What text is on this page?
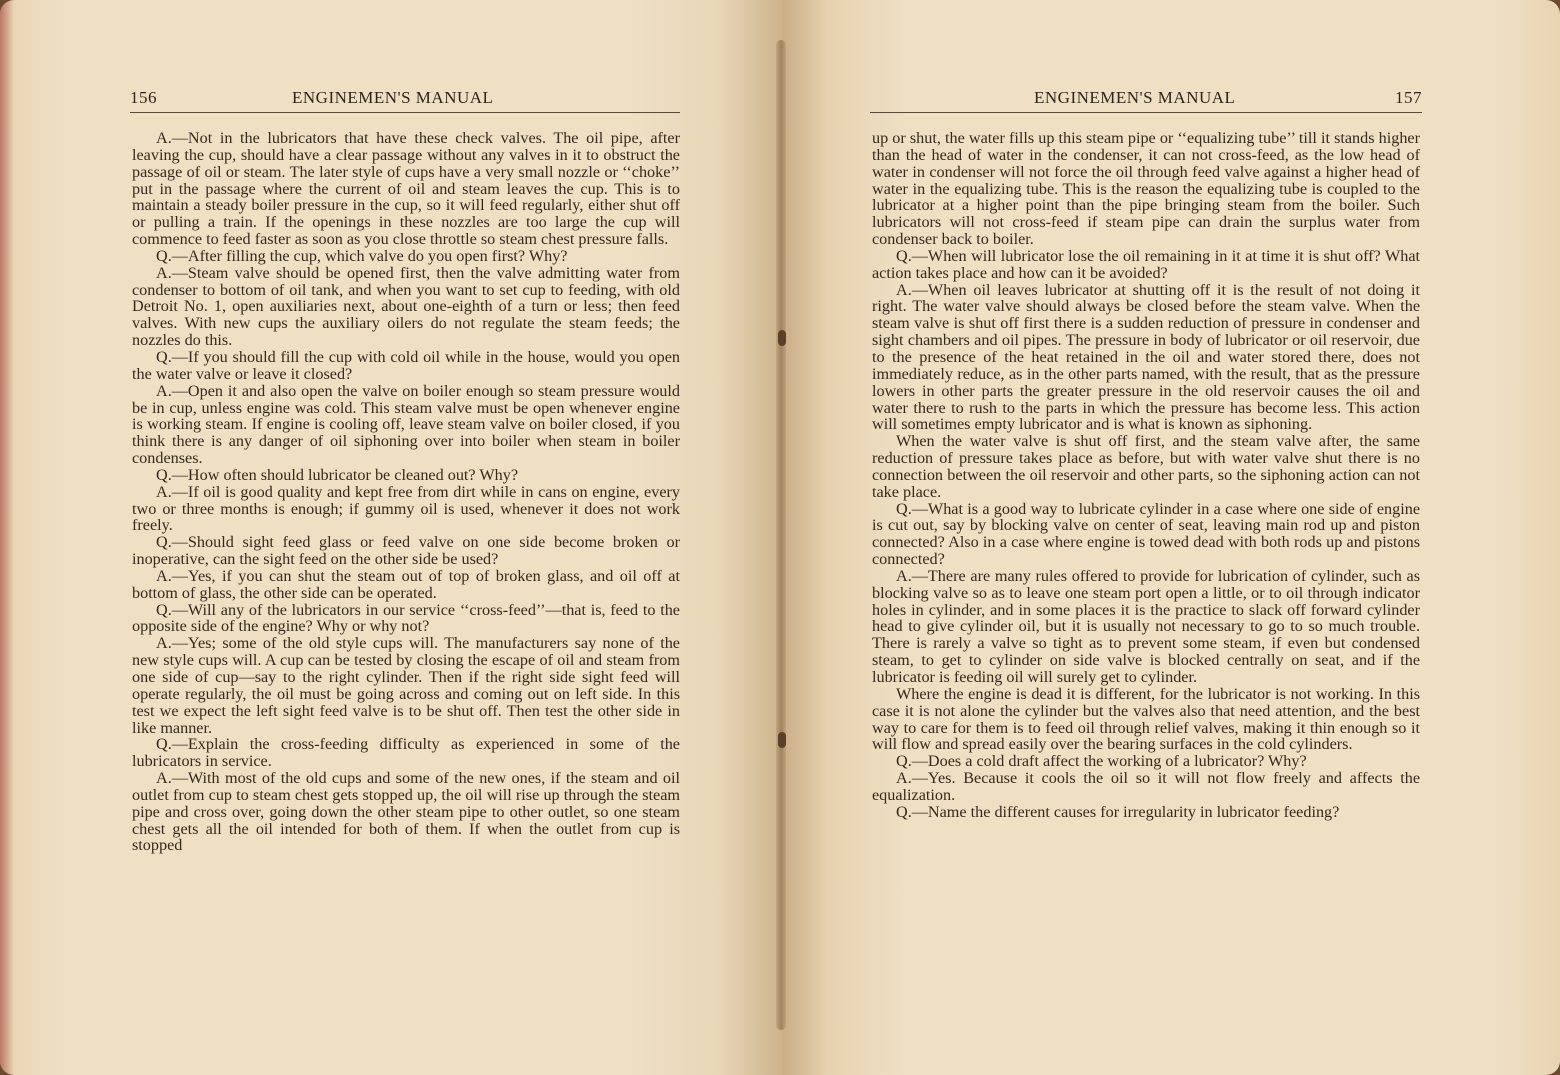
156	ENGINEMEN'S MANUAL

A.—Not in the lubricators that have these check valves. The oil pipe, after leaving the cup, should have a clear passage without any valves in it to obstruct the passage of oil or steam. The later style of cups have a very small nozzle or ‘‘choke’’ put in the passage where the current of oil and steam leaves the cup. This is to maintain a steady boiler pressure in the cup, so it will feed regularly, either shut off or pulling a train. If the openings in these nozzles are too large the cup will commence to feed faster as soon as you close throttle so steam chest pressure falls.

Q.—After filling the cup, which valve do you open first? Why?

A.—Steam valve should be opened first, then the valve admitting water from condenser to bottom of oil tank, and when you want to set cup to feeding, with old Detroit No. 1, open auxiliaries next, about one-eighth of a turn or less; then feed valves. With new cups the auxiliary oilers do not regulate the steam feeds; the nozzles do this.

Q.—If you should fill the cup with cold oil while in the house, would you open the water valve or leave it closed?

A.—Open it and also open the valve on boiler enough so steam pressure would be in cup, unless engine was cold. This steam valve must be open whenever engine is working steam. If engine is cooling off, leave steam valve on boiler closed, if you think there is any danger of oil siphoning over into boiler when steam in boiler condenses.

Q.—How often should lubricator be cleaned out? Why?

A.—If oil is good quality and kept free from dirt while in cans on engine, every two or three months is enough; if gummy oil is used, whenever it does not work freely.

Q.—Should sight feed glass or feed valve on one side become broken or inoperative, can the sight feed on the other side be used?

A.—Yes, if you can shut the steam out of top of broken glass, and oil off at bottom of glass, the other side can be operated.

Q.—Will any of the lubricators in our service ‘‘cross-feed’’—that is, feed to the opposite side of the engine? Why or why not?

A.—Yes; some of the old style cups will. The manufacturers say none of the new style cups will. A cup can be tested by closing the escape of oil and steam from one side of cup—say to the right cylinder. Then if the right side sight feed will operate regularly, the oil must be going across and coming out on left side. In this test we expect the left sight feed valve is to be shut off. Then test the other side in like manner.

Q.—Explain the cross-feeding difficulty as experienced in some of the lubricators in service.

A.—With most of the old cups and some of the new ones, if the steam and oil outlet from cup to steam chest gets stopped up, the oil will rise up through the steam pipe and cross over, going down the other steam pipe to other outlet, so one steam chest gets all the oil intended for both of them. If when the outlet from cup is stopped

ENGINEMEN'S MANUAL	157

up or shut, the water fills up this steam pipe or ‘‘equalizing tube’’ till it stands higher than the head of water in the condenser, it can not cross-feed, as the low head of water in condenser will not force the oil through feed valve against a higher head of water in the equalizing tube. This is the reason the equalizing tube is coupled to the lubricator at a higher point than the pipe bringing steam from the boiler. Such lubricators will not cross-feed if steam pipe can drain the surplus water from condenser back to boiler.

Q.—When will lubricator lose the oil remaining in it at time it is shut off? What action takes place and how can it be avoided?

A.—When oil leaves lubricator at shutting off it is the result of not doing it right. The water valve should always be closed before the steam valve. When the steam valve is shut off first there is a sudden reduction of pressure in condenser and sight chambers and oil pipes. The pressure in body of lubricator or oil reservoir, due to the presence of the heat retained in the oil and water stored there, does not immediately reduce, as in the other parts named, with the result, that as the pressure lowers in other parts the greater pressure in the old reservoir causes the oil and water there to rush to the parts in which the pressure has become less. This action will sometimes empty lubricator and is what is known as siphoning.

When the water valve is shut off first, and the steam valve after, the same reduction of pressure takes place as before, but with water valve shut there is no connection between the oil reservoir and other parts, so the siphoning action can not take place.

Q.—What is a good way to lubricate cylinder in a case where one side of engine is cut out, say by blocking valve on center of seat, leaving main rod up and piston connected? Also in a case where engine is towed dead with both rods up and pistons connected?

A.—There are many rules offered to provide for lubrication of cylinder, such as blocking valve so as to leave one steam port open a little, or to oil through indicator holes in cylinder, and in some places it is the practice to slack off forward cylinder head to give cylinder oil, but it is usually not necessary to go to so much trouble. There is rarely a valve so tight as to prevent some steam, if even but condensed steam, to get to cylinder on side valve is blocked centrally on seat, and if the lubricator is feeding oil will surely get to cylinder.

Where the engine is dead it is different, for the lubricator is not working. In this case it is not alone the cylinder but the valves also that need attention, and the best way to care for them is to feed oil through relief valves, making it thin enough so it will flow and spread easily over the bearing surfaces in the cold cylinders.

Q.—Does a cold draft affect the working of a lubricator? Why?

A.—Yes. Because it cools the oil so it will not flow freely and affects the equalization.

Q.—Name the different causes for irregularity in lubricator feeding?
